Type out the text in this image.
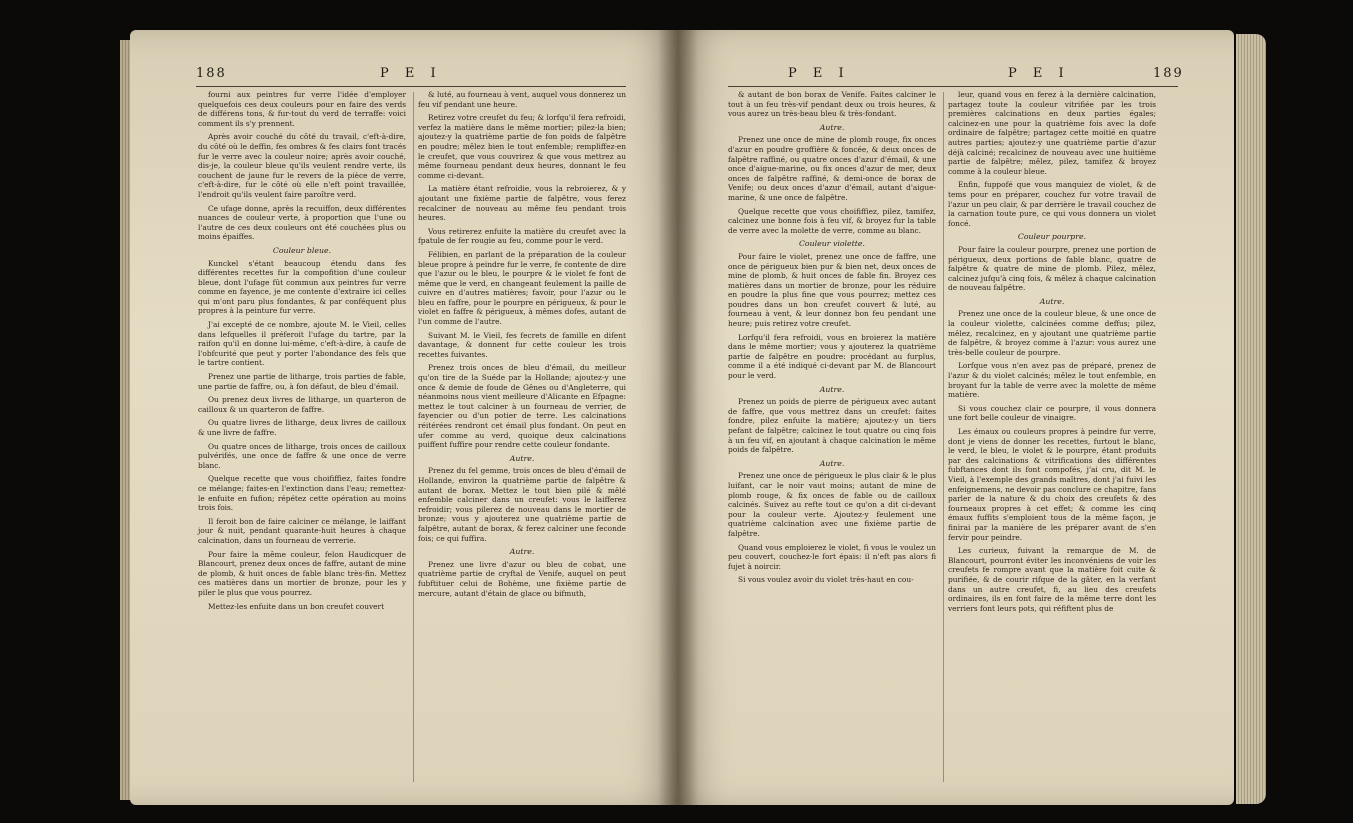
188	P E I

fourni aux peintres fur verre l'idée d'employer quelquefois ces deux couleurs pour en faire des verds de différens tons, & fur-tout du verd de terraffe: voici comment ils s'y prennent.

Après avoir couché du côté du travail, c'eft-à-dire, du côté où le deffin, fes ombres & fes clairs font tracés fur le verre avec la couleur noire; après avoir couché, dis-je, la couleur bleue qu'ils veulent rendre verte, ils couchent de jaune fur le revers de la pièce de verre, c'eft-à-dire, fur le côté où elle n'eft point travaillée, l'endroit qu'ils veulent faire paroître verd.

Ce ufage donne, après la recuiffon, deux différentes nuances de couleur verte, à proportion que l'une ou l'autre de ces deux couleurs ont été couchées plus ou moins épaiffes.

Couleur bleue.

Kunckel s'étant beaucoup étendu dans fes différentes recettes fur la compofition d'une couleur bleue, dont l'ufage fût commun aux peintres fur verre comme en fayence, je me contente d'extraire ici celles qui m'ont paru plus fondantes, & par conféquent plus propres à la peinture fur verre.

J'ai excepté de ce nombre, ajoute M. le Vieil, celles dans lefquelles il préferoit l'ufage du tartre, par la raifon qu'il en donne lui-même, c'eft-à-dire, à caufe de l'obfcurité que peut y porter l'abondance des fels que le tartre contient.

Prenez une partie de litharge, trois parties de fable, une partie de faffre, ou, à fon défaut, de bleu d'émail.

Ou prenez deux livres de litharge, un quarteron de cailloux & un quarteron de faffre.

Ou quatre livres de litharge, deux livres de cailloux & une livre de faffre.

Ou quatre onces de litharge, trois onces de cailloux pulvérifés, une once de faffre & une once de verre blanc.

Quelque recette que vous choififfiez, faites fondre ce mélange; faites-en l'extinction dans l'eau; remettez-le enfuite en fufion; répétez cette opération au moins trois fois.

Il feroit bon de faire calciner ce mélange, le laiffant jour & nuit, pendant quarante-huit heures à chaque calcination, dans un fourneau de verrerie.

Pour faire la même couleur, felon Haudicquer de Blancourt, prenez deux onces de faffre, autant de mine de plomb, & huit onces de fable blanc très-fin. Mettez ces matières dans un mortier de bronze, pour les y piler le plus que vous pourrez.

Mettez-les enfuite dans un bon creufet couvert

& luté, au fourneau à vent, auquel vous donnerez un feu vif pendant une heure.

Retirez votre creufet du feu; & lorfqu'il fera refroidi, verfez la matière dans le même mortier; pilez-la bien; ajoutez-y la quatrième partie de fon poids de falpêtre en poudre; mêlez bien le tout enfemble; rempliffez-en le creufet, que vous couvrirez & que vous mettrez au même fourneau pendant deux heures, donnant le feu comme ci-devant.

La matière étant refroidie, vous la rebroierez, & y ajoutant une fixième partie de falpêtre, vous ferez recalciner de nouveau au même feu pendant trois heures.

Vous retirerez enfuite la matière du creufet avec la fpatule de fer rougie au feu, comme pour le verd.

Félibien, en parlant de la préparation de la couleur bleue propre à peindre fur le verre, fe contente de dire que l'azur ou le bleu, le pourpre & le violet fe font de même que le verd, en changeant feulement la paille de cuivre en d'autres matières; favoir, pour l'azur ou le bleu en faffre, pour le pourpre en périgueux, & pour le violet en faffre & périgueux, à mêmes dofes, autant de l'un comme de l'autre.

Suivant M. le Vieil, fes fecrets de famille en difent davantage, & donnent fur cette couleur les trois recettes fuivantes.

Prenez trois onces de bleu d'émail, du meilleur qu'on tire de la Suéde par la Hollande; ajoutez-y une once & demie de foude de Gênes ou d'Angleterre, qui néanmoins nous vient meilleure d'Alicante en Efpagne: mettez le tout calciner à un fourneau de verrier, de fayencier ou d'un potier de terre. Les calcinations réitérées rendront cet émail plus fondant. On peut en ufer comme au verd, quoique deux calcinations puiffent fuffire pour rendre cette couleur fondante.

Autre.

Prenez du fel gemme, trois onces de bleu d'émail de Hollande, environ la quatrième partie de falpêtre & autant de borax. Mettez le tout bien pilé & mêlé enfemble calciner dans un creufet: vous le laifferez refroidir; vous pilerez de nouveau dans le mortier de bronze; vous y ajouterez une quatrième partie de falpêtre, autant de borax, & ferez calciner une feconde fois; ce qui fuffira.

Autre.

Prenez une livre d'azur ou bleu de cobat, une quatrième partie de cryftal de Venife, auquel on peut fubftituer celui de Bohème, une fixième partie de mercure, autant d'étain de glace ou bifmuth,

P E I	P E I	189

& autant de bon borax de Venife. Faites calciner le tout à un feu très-vif pendant deux ou trois heures, & vous aurez un très-beau bleu & très-fondant.

Autre.

Prenez une once de mine de plomb rouge, fix onces d'azur en poudre groffière & foncée, & deux onces de falpêtre raffiné, ou quatre onces d'azur d'émail, & une once d'aigue-marine, ou fix onces d'azur de mer, deux onces de falpêtre raffiné, & demi-once de borax de Venife; ou deux onces d'azur d'émail, autant d'aigue-marine, & une once de falpêtre.

Quelque recette que vous choififfiez, pilez, tamifez, calcinez une bonne fois à feu vif, & broyez fur la table de verre avec la molette de verre, comme au blanc.

Couleur violette.

Pour faire le violet, prenez une once de faffre, une once de périgueux bien pur & bien net, deux onces de mine de plomb, & huit onces de fable fin. Broyez ces matières dans un mortier de bronze, pour les réduire en poudre la plus fine que vous pourrez; mettez ces poudres dans un bon creufet couvert & luté, au fourneau à vent, & leur donnez bon feu pendant une heure; puis retirez votre creufet.

Lorfqu'il fera refroidi, vous en broierez la matière dans le même mortier; vous y ajouterez la quatrième partie de falpêtre en poudre: procédant au furplus, comme il a été indiqué ci-devant par M. de Blancourt pour le verd.

Autre.

Prenez un poids de pierre de périgueux avec autant de faffre, que vous mettrez dans un creufet: faites fondre, pilez enfuite la matière; ajoutez-y un tiers pefant de falpêtre; calcinez le tout quatre ou cinq fois à un feu vif, en ajoutant à chaque calcination le même poids de falpêtre.

Autre.

Prenez une once de périgueux le plus clair & le plus luifant, car le noir vaut moins; autant de mine de plomb rouge, & fix onces de fable ou de cailloux calcinés. Suivez au refte tout ce qu'on a dit ci-devant pour la couleur verte. Ajoutez-y feulement une quatrième calcination avec une fixième partie de falpêtre.

Quand vous emploierez le violet, fi vous le voulez un peu couvert, couchez-le fort épais: il n'eft pas alors fi fujet à noircir.

Si vous voulez avoir du violet très-haut en cou-

leur, quand vous en ferez à la dernière calcination, partagez toute la couleur vitrifiée par les trois premières calcinations en deux parties égales; calcinez-en une pour la quatrième fois avec la dofe ordinaire de falpêtre; partagez cette moitié en quatre autres parties; ajoutez-y une quatrième partie d'azur déjà calciné; recalcinez de nouveau avec une huitième partie de falpêtre; mêlez, pilez, tamifez & broyez comme à la couleur bleue.

Enfin, fuppofé que vous manquiez de violet, & de tems pour en préparer, couchez fur votre travail de l'azur un peu clair, & par derrière le travail couchez de la carnation toute pure, ce qui vous donnera un violet foncé.

Couleur pourpre.

Pour faire la couleur pourpre, prenez une portion de périgueux, deux portions de fable blanc, quatre de falpêtre & quatre de mine de plomb. Pilez, mêlez, calcinez jufqu'à cinq fois, & mêlez à chaque calcination de nouveau falpêtre.

Autre.

Prenez une once de la couleur bleue, & une once de la couleur violette, calcinées comme deffus; pilez, mêlez, recalcinez, en y ajoutant une quatrième partie de falpêtre, & broyez comme à l'azur: vous aurez une très-belle couleur de pourpre.

Lorfque vous n'en avez pas de préparé, prenez de l'azur & du violet calcinés; mêlez le tout enfemble, en broyant fur la table de verre avec la molette de même matière.

Si vous couchez clair ce pourpre, il vous donnera une fort belle couleur de vinaigre.

Les émaux ou couleurs propres à peindre fur verre, dont je viens de donner les recettes, furtout le blanc, le verd, le bleu, le violet & le pourpre, étant produits par des calcinations & vitrifications des différentes fubftances dont ils font compofés, j'ai cru, dit M. le Vieil, à l'exemple des grands maîtres, dont j'ai fuivi les enfeignemens, ne devoir pas conclure ce chapitre, fans parler de la nature & du choix des creufets & des fourneaux propres à cet effet; & comme les cinq émaux fuffits s'emploient tous de la même façon, je finirai par la manière de les préparer avant de s'en fervir pour peindre.

Les curieux, fuivant la remarque de M. de Blancourt, pourront éviter les inconvéniens de voir les creufets fe rompre avant que la matière foit cuite & purifiée, & de courir rifque de la gâter, en la verfant dans un autre creufet, fi, au lieu des creufets ordinaires, ils en font faire de la même terre dont les verriers font leurs pots, qui réfiftent plus de
